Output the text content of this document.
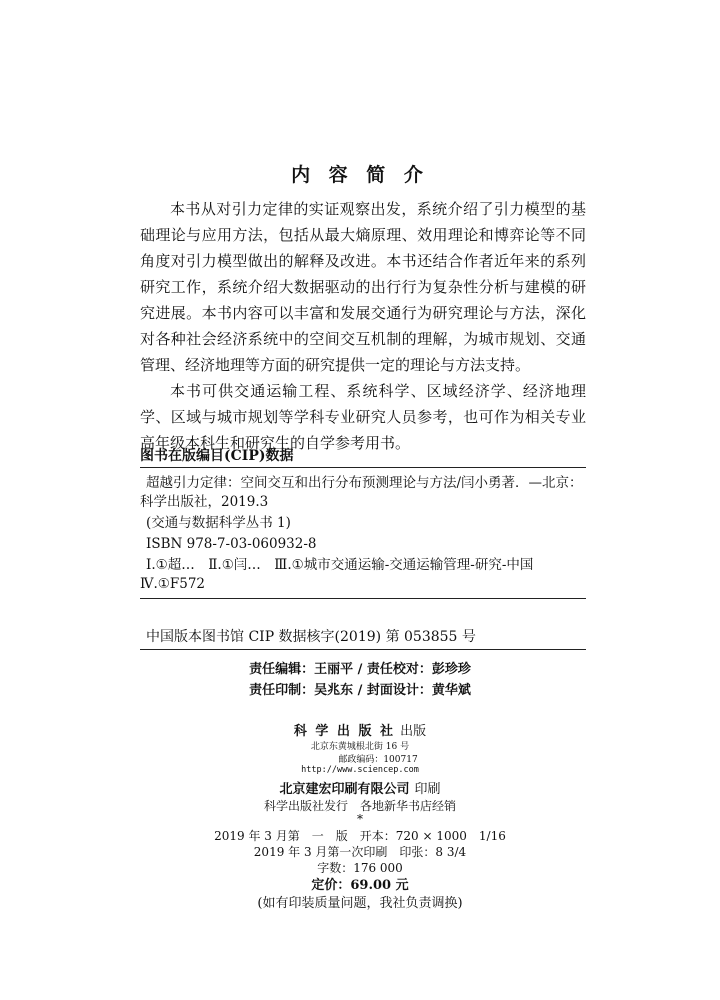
内 容 简 介

本书从对引力定律的实证观察出发，系统介绍了引力模型的基础理论与应用方法，包括从最大熵原理、效用理论和博弈论等不同角度对引力模型做出的解释及改进。本书还结合作者近年来的系列研究工作，系统介绍大数据驱动的出行行为复杂性分析与建模的研究进展。本书内容可以丰富和发展交通行为研究理论与方法，深化对各种社会经济系统中的空间交互机制的理解，为城市规划、交通管理、经济地理等方面的研究提供一定的理论与方法支持。

本书可供交通运输工程、系统科学、区域经济学、经济地理学、区域与城市规划等学科专业研究人员参考，也可作为相关专业高年级本科生和研究生的自学参考用书。

图书在版编目(CIP)数据
超越引力定律：空间交互和出行分布预测理论与方法/闫小勇著．—北京：
科学出版社，2019.3
(交通与数据科学丛书 1)
ISBN 978-7-03-060932-8
Ⅰ.①超…　Ⅱ.①闫…　Ⅲ.①城市交通运输-交通运输管理-研究-中国
Ⅳ.①F572
中国版本图书馆 CIP 数据核字(2019) 第 053855 号
责任编辑：王丽平 / 责任校对：彭珍珍
责任印制：吴兆东 / 封面设计：黄华斌
科 学 出 版 社 出版
北京东黄城根北街 16 号
邮政编码：100717
http://www.sciencep.com
北京建宏印刷有限公司 印刷
科学出版社发行　各地新华书店经销
*
2019 年 3 月第　一　版　开本：720 × 1000　1/16
2019 年 3 月第一次印刷　印张：8 3/4
字数：176 000
定价：69.00 元
(如有印装质量问题，我社负责调换)
